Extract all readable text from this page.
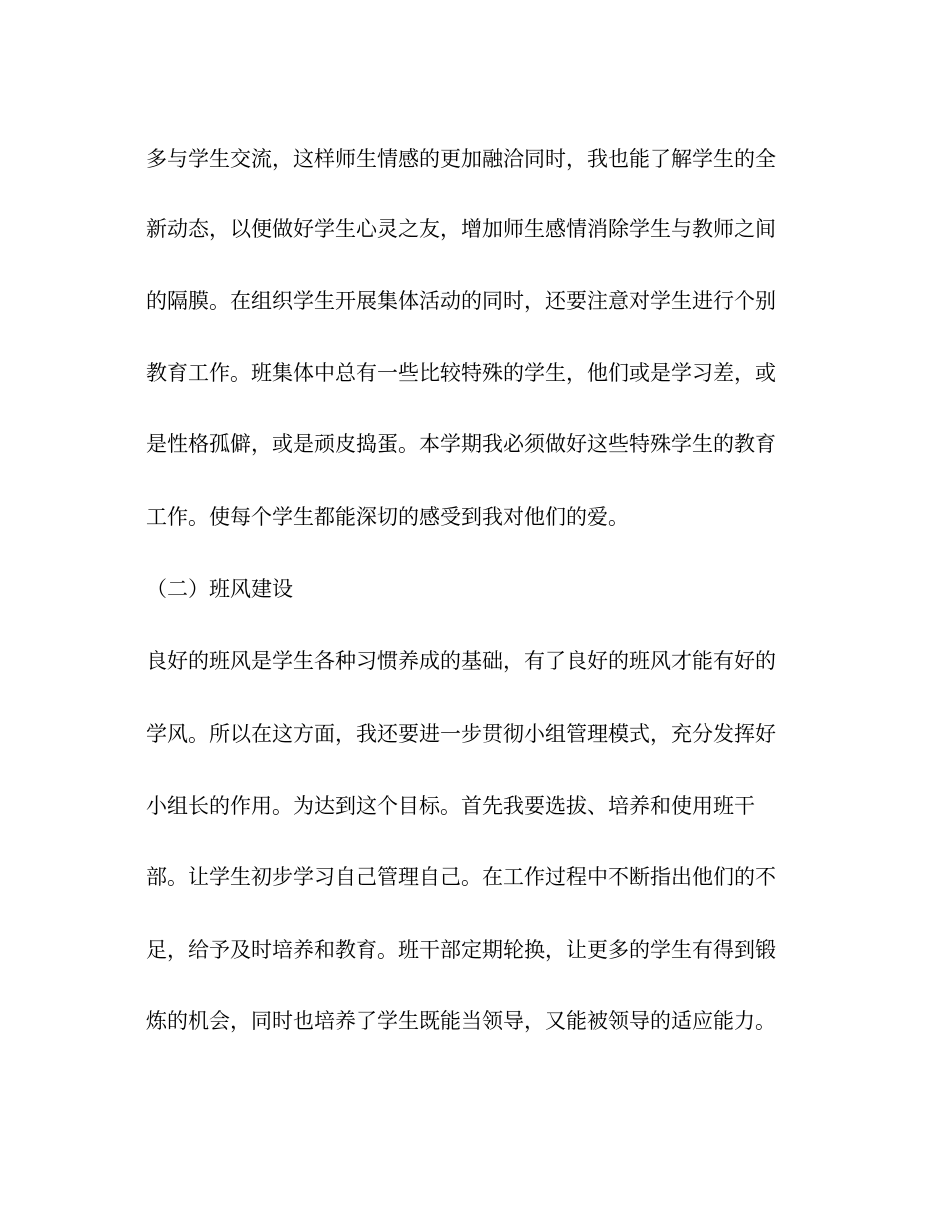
多与学生交流，这样师生情感的更加融洽同时，我也能了解学生的全
新动态，以便做好学生心灵之友，增加师生感情消除学生与教师之间
的隔膜。在组织学生开展集体活动的同时，还要注意对学生进行个别
教育工作。班集体中总有一些比较特殊的学生，他们或是学习差，或
是性格孤僻，或是顽皮捣蛋。本学期我必须做好这些特殊学生的教育
工作。使每个学生都能深切的感受到我对他们的爱。
（二）班风建设
良好的班风是学生各种习惯养成的基础，有了良好的班风才能有好的
学风。所以在这方面，我还要进一步贯彻小组管理模式，充分发挥好
小组长的作用。为达到这个目标。首先我要选拔、培养和使用班干
部。让学生初步学习自己管理自己。在工作过程中不断指出他们的不
足，给予及时培养和教育。班干部定期轮换，让更多的学生有得到锻
炼的机会，同时也培养了学生既能当领导，又能被领导的适应能力。
